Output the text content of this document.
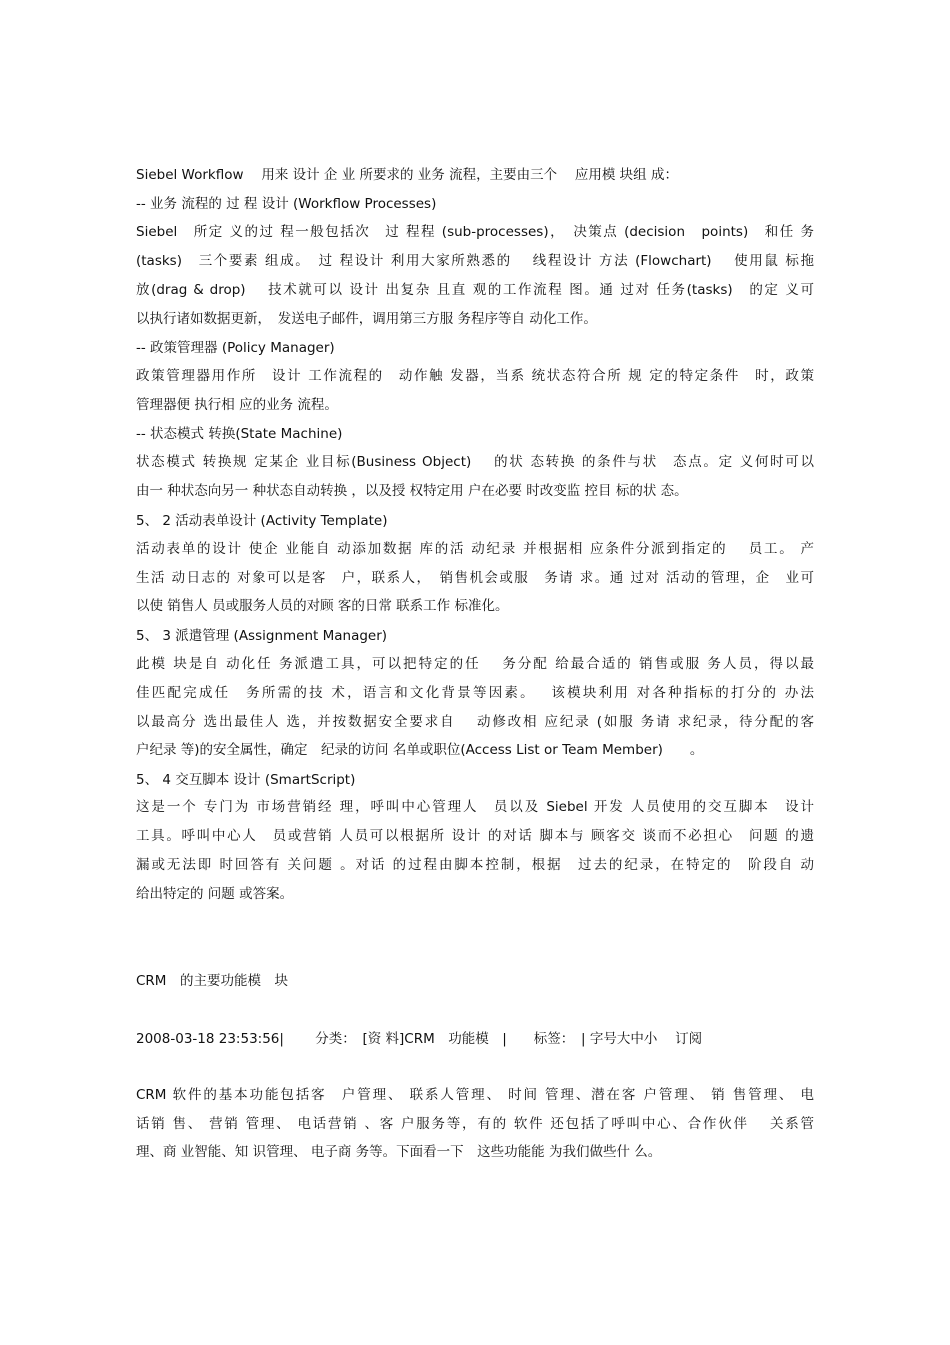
Siebel Workflow　 用来 设计 企 业 所要求的 业务 流程，主要由三个　 应用模 块组 成：
-- 业务 流程的 过 程 设计 (Workflow Processes)
Siebel　所定 义的过 程一般包括次　过 程程 (sub-processes)，　决策点 (decision　points)　和任 务
(tasks)　三个要素 组成。　过 程设计 利用大家所熟悉的　 线程设计 方法 (Flowchart)　 使用鼠 标拖
放(drag & drop)　 技术就可以 设计 出复杂 且直 观的工作流程 图。通 过对 任务(tasks)　的定 义可
以执行诸如数据更新，　发送电子邮件，调用第三方服 务程序等自 动化工作。
-- 政策管理器 (Policy Manager)
政策管理器用作所　设计 工作流程的　动作触 发器，当系 统状态符合所 规 定的特定条件　时，政策
管理器便 执行相 应的业务 流程。
-- 状态模式 转换(State Machine)
状态模式 转换规 定某企 业目标(Business Object)　 的状 态转换 的条件与状　态点。定 义何时可以
由一 种状态向另一 种状态自动转换 ，以及授 权特定用 户在必要 时改变监 控目 标的状 态。
5、 2 活动表单设计 (Activity Template)
活动表单的设计 使企 业能自 动添加数据 库的活 动纪录 并根据相 应条件分派到指定的　 员工。 产
生活 动日志的 对象可以是客　户，联系人，　销售机会或服　务请 求。通 过对 活动的管理，企　业可
以使 销售人 员或服务人员的对顾 客的日常 联系工作 标准化。
5、 3 派遣管理 (Assignment Manager)
此模 块是自 动化任 务派遣工具，可以把特定的任　 务分配 给最合适的 销售或服 务人员，得以最
佳匹配完成任　务所需的技 术，语言和文化背景等因素。　 该模块利用 对各种指标的打分的 办法
以最高分 选出最佳人 选，并按数据安全要求自　 动修改相 应纪录 (如服 务请 求纪录，待分配的客
户纪录 等)的安全属性，确定　纪录的访问 名单或职位(Access List or Team Member)　　。
5、 4 交互脚本 设计 (SmartScript)
这是一个 专门为 市场营销经 理，呼叫中心管理人　员以及 Siebel 开发 人员使用的交互脚本　设计
工具。呼叫中心人　员或营销 人员可以根据所 设计 的对话 脚本与 顾客交 谈而不必担心　问题 的遗
漏或无法即 时回答有 关问题 。对话 的过程由脚本控制，根据　过去的纪录，在特定的　阶段自 动
给出特定的 问题 或答案。
CRM　的主要功能模　块
2008-03-18 23:53:56|　　 分类：　[资 料]CRM　功能模　|　　标签：　| 字号大中小　 订阅
CRM 软件的基本功能包括客　户管理、 联系人管理、 时间 管理、潜在客 户管理、 销 售管理、 电
话销 售、 营销 管理、 电话营销 、客 户服务等，有的 软件 还包括了呼叫中心、合作伙伴　 关系管
理、商 业智能、知 识管理、 电子商 务等。下面看一下　这些功能能 为我们做些什 么。
